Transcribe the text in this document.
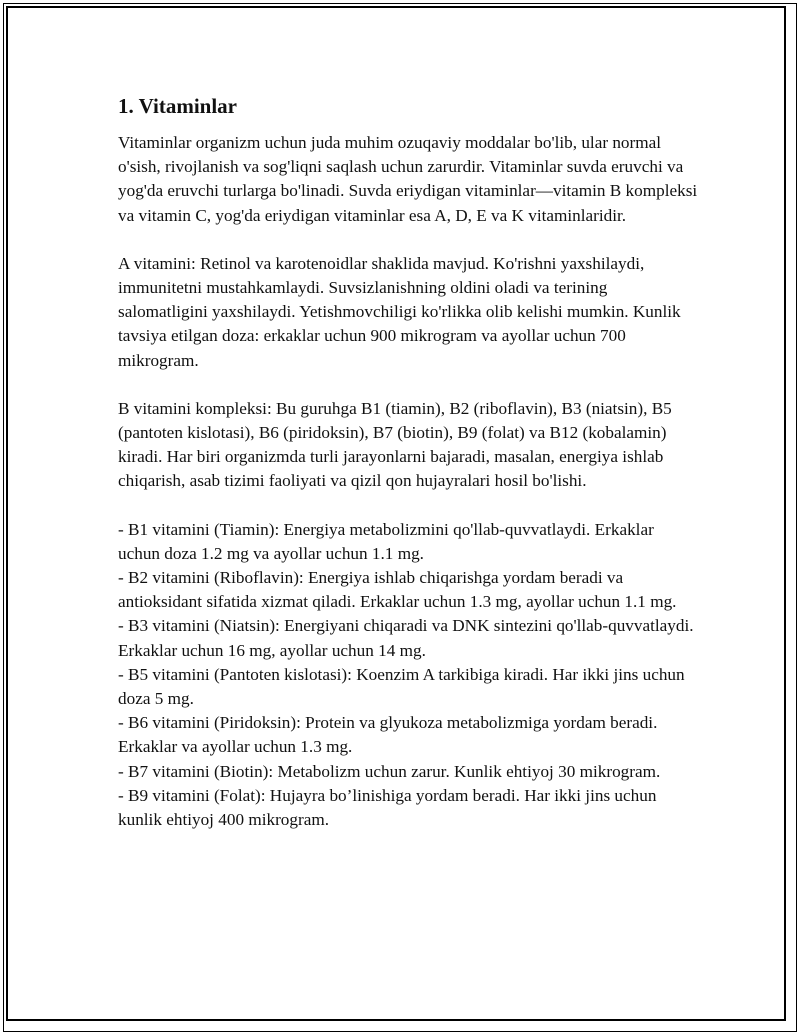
1. Vitaminlar

Vitaminlar organizm uchun juda muhim ozuqaviy moddalar bo'lib, ular normal o'sish, rivojlanish va sog'liqni saqlash uchun zarurdir. Vitaminlar suvda eruvchi va yog'da eruvchi turlarga bo'linadi. Suvda eriydigan vitaminlar—vitamin B kompleksi va vitamin C, yog'da eriydigan vitaminlar esa A, D, E va K vitaminlaridir.

A vitamini: Retinol va karotenoidlar shaklida mavjud. Ko'rishni yaxshilaydi, immunitetni mustahkamlaydi. Suvsizlanishning oldini oladi va terining salomatligini yaxshilaydi. Yetishmovchiligi ko'rlikka olib kelishi mumkin. Kunlik tavsiya etilgan doza: erkaklar uchun 900 mikrogram va ayollar uchun 700 mikrogram.

B vitamini kompleksi: Bu guruhga B1 (tiamin), B2 (riboflavin), B3 (niatsin), B5 (pantoten kislotasi), B6 (piridoksin), B7 (biotin), B9 (folat) va B12 (kobalamin) kiradi. Har biri organizmda turli jarayonlarni bajaradi, masalan, energiya ishlab chiqarish, asab tizimi faoliyati va qizil qon hujayralari hosil bo'lishi.

- B1 vitamini (Tiamin): Energiya metabolizmini qo'llab-quvvatlaydi. Erkaklar uchun doza 1.2 mg va ayollar uchun 1.1 mg.
- B2 vitamini (Riboflavin): Energiya ishlab chiqarishga yordam beradi va antioksidant sifatida xizmat qiladi. Erkaklar uchun 1.3 mg, ayollar uchun 1.1 mg.
- B3 vitamini (Niatsin): Energiyani chiqaradi va DNK sintezini qo'llab-quvvatlaydi. Erkaklar uchun 16 mg, ayollar uchun 14 mg.
- B5 vitamini (Pantoten kislotasi): Koenzim A tarkibiga kiradi. Har ikki jins uchun doza 5 mg.
- B6 vitamini (Piridoksin): Protein va glyukoza metabolizmiga yordam beradi. Erkaklar va ayollar uchun 1.3 mg.
- B7 vitamini (Biotin): Metabolizm uchun zarur. Kunlik ehtiyoj 30 mikrogram.
- B9 vitamini (Folat): Hujayra bo’linishiga yordam beradi. Har ikki jins uchun kunlik ehtiyoj 400 mikrogram.
